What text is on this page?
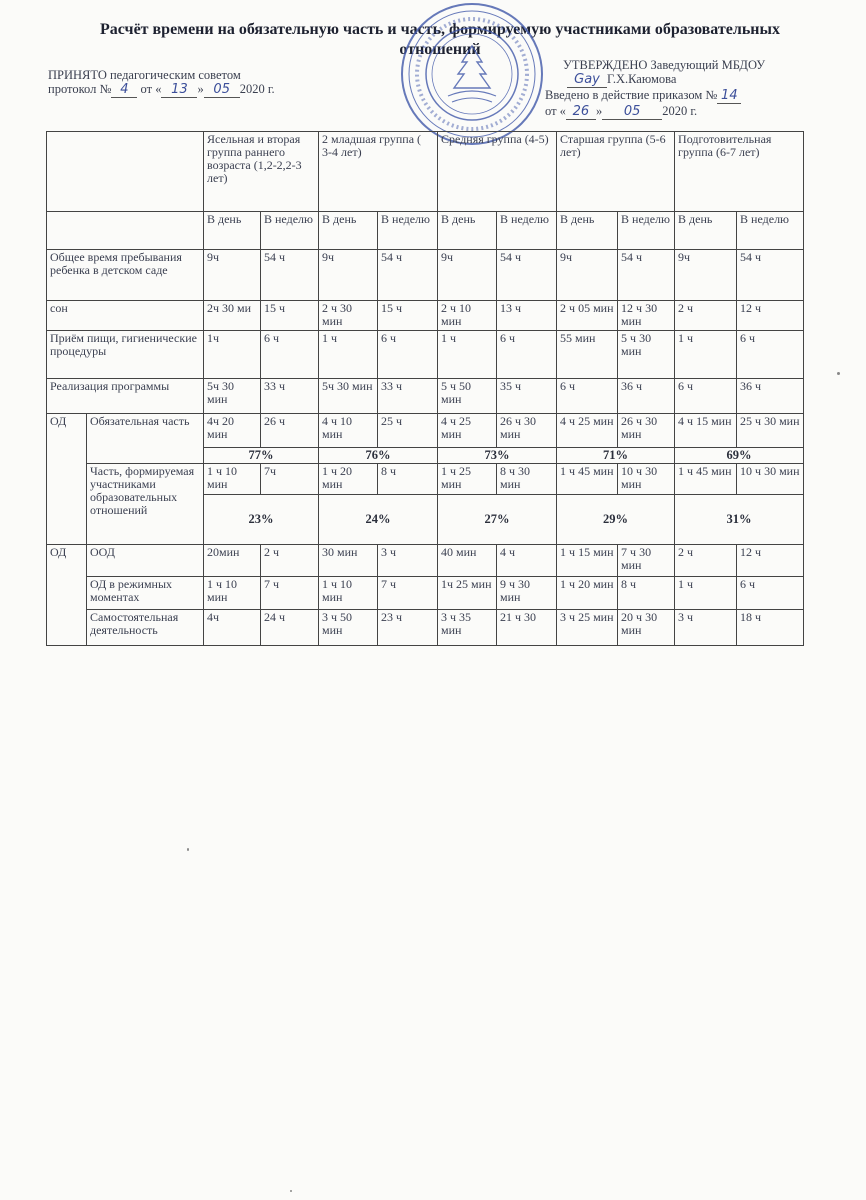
Расчёт времени на обязательную часть и часть, формируемую участниками образовательных отношений
ПРИНЯТО педагогическим советом
протокол № 4 от « 13 » 05 2020 г.
УТВЕРЖДЕНО Заведующий МБДОУ
Gay Г.Х.Каюмова
Введено в действие приказом № 14
от « 26 » 05 2020 г.
		Ясельная и вторая группа раннего возраста (1,2-2,2-3 лет)		2 младшая группа ( 3-4 лет)		Средняя группа (4-5)		Старшая группа (5-6 лет)		Подготовительная группа (6-7 лет)	
		В день	В неделю	В день	В неделю	В день	В неделю	В день	В неделю	В день	В неделю
Общее время пребывания ребенка в детском саде		9ч	54 ч	9ч	54 ч	9ч	54 ч	9ч	54 ч	9ч	54 ч
сон		2ч 30 ми	15 ч	2 ч 30 мин	15 ч	2 ч 10 мин	13 ч	2 ч 05 мин	12 ч 30 мин	2 ч	12 ч
Приём пищи, гигиенические процедуры		1ч	6 ч	1 ч	6 ч	1 ч	6 ч	55 мин	5 ч 30 мин	1 ч	6 ч
Реализация программы		5ч 30 мин	33 ч	5ч 30 мин	33 ч	5 ч 50 мин	35 ч	6 ч	36 ч	6 ч	36 ч
ОД	Обязательная часть	4ч 20 мин	26 ч	4 ч 10 мин	25 ч	4 ч 25 мин	26 ч 30 мин	4 ч 25 мин	26 ч 30 мин	4 ч 15 мин	25 ч 30 мин
		77%		76%		73%		71%		69%	
	Часть, формируемая участниками образовательных отношений	1 ч 10 мин	7ч	1 ч 20 мин	8 ч	1 ч 25 мин	8 ч 30 мин	1 ч 45 мин	10 ч 30 мин	1 ч 45 мин	10 ч 30 мин
		23%		24%		27%		29%		31%	
ОД	ООД	20мин	2 ч	30 мин	3 ч	40 мин	4 ч	1 ч 15 мин	7 ч 30 мин	2 ч	12 ч
	ОД в режимных моментах	1 ч 10 мин	7 ч	1 ч 10 мин	7 ч	1ч 25 мин	9 ч 30 мин	1 ч 20 мин	8 ч	1 ч	6 ч
	Самостоятельная деятельность	4ч	24 ч	3 ч 50 мин	23 ч	3 ч 35 мин	21 ч 30	3 ч 25 мин	20 ч 30 мин	3 ч	18 ч
